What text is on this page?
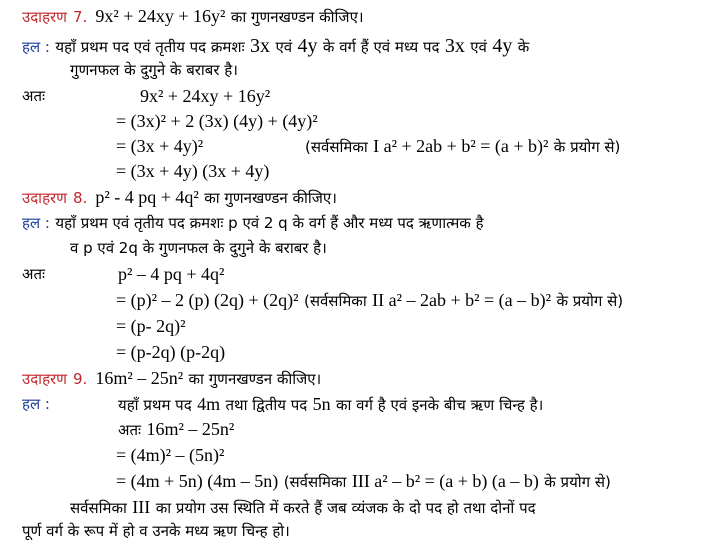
उदाहरण 7. 9x² + 24xy + 16y² का गुणनखण्डन कीजिए।
हल : यहाँ प्रथम पद एवं तृतीय पद क्रमशः 3x एवं 4y के वर्ग हैं एवं मध्य पद 3x एवं 4y के
गुणनफल के दुगुने के बराबर है।
अतः	9x² + 24xy + 16y²
= (3x)² + 2 (3x) (4y) + (4y)²
= (3x + 4y)²	(सर्वसमिका I a² + 2ab + b² = (a + b)² के प्रयोग से)
= (3x + 4y) (3x + 4y)
उदाहरण 8. p² - 4 pq + 4q² का गुणनखण्डन कीजिए।
हल : यहाँ प्रथम एवं तृतीय पद क्रमशः p एवं 2 q के वर्ग हैं और मध्य पद ऋणात्मक है
व p एवं 2q के गुणनफल के दुगुने के बराबर है।
अतः	p² – 4 pq + 4q²
= (p)² – 2 (p) (2q) + (2q)² (सर्वसमिका II a² – 2ab + b² = (a – b)² के प्रयोग से)
= (p- 2q)²
= (p-2q) (p-2q)
उदाहरण 9. 16m² – 25n² का गुणनखण्डन कीजिए।
हल :	यहाँ प्रथम पद 4m तथा द्वितीय पद 5n का वर्ग है एवं इनके बीच ऋण चिन्ह है।
अतः 16m² – 25n²
= (4m)² – (5n)²
= (4m + 5n) (4m – 5n) (सर्वसमिका III a² – b² = (a + b) (a – b) के प्रयोग से)
सर्वसमिका III का प्रयोग उस स्थिति में करते हैं जब व्यंजक के दो पद हो तथा दोनों पद
पूर्ण वर्ग के रूप में हो व उनके मध्य ऋण चिन्ह हो।
